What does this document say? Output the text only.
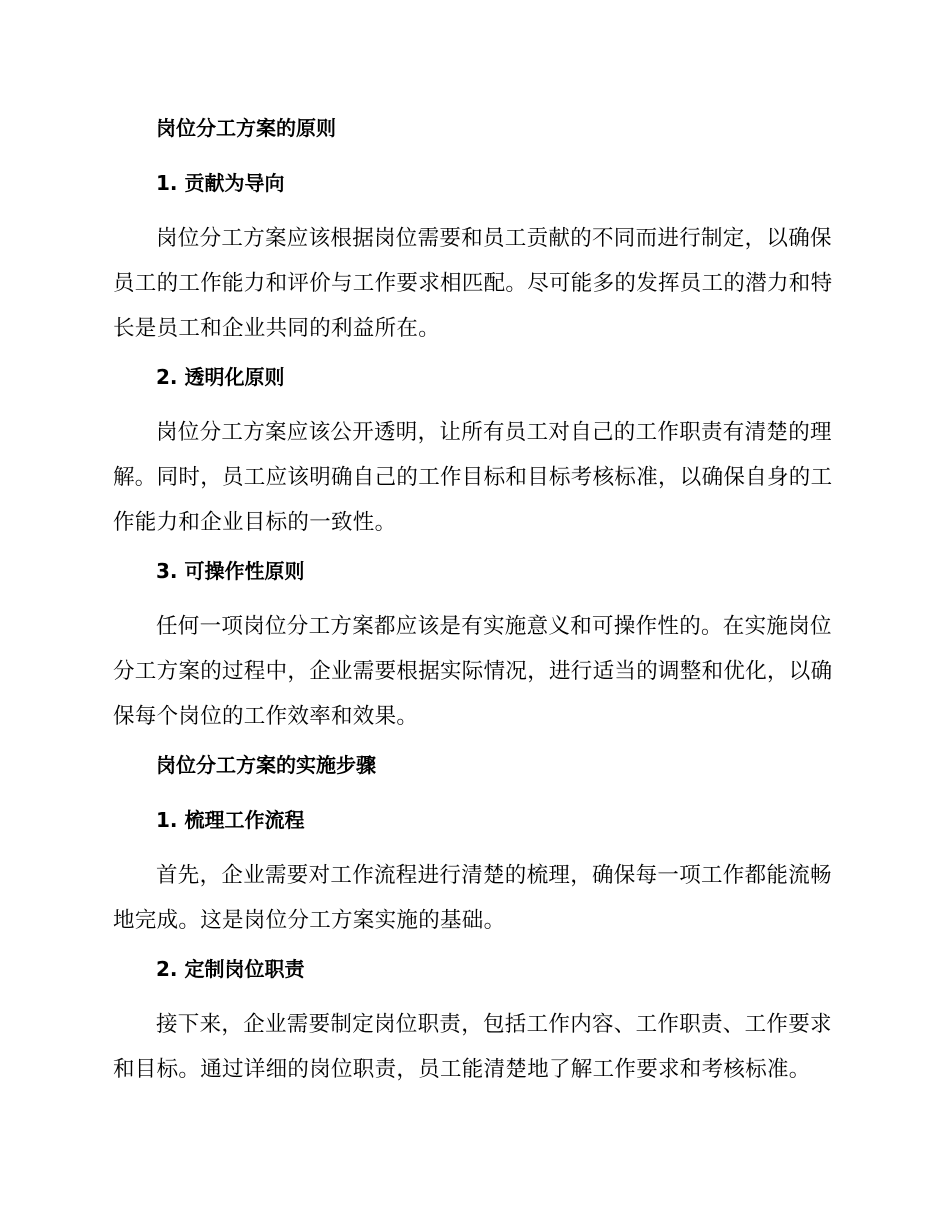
岗位分工方案的原则
1. 贡献为导向
岗位分工方案应该根据岗位需要和员工贡献的不同而进行制定，以确保员工的工作能力和评价与工作要求相匹配。尽可能多的发挥员工的潜力和特长是员工和企业共同的利益所在。
2. 透明化原则
岗位分工方案应该公开透明，让所有员工对自己的工作职责有清楚的理解。同时，员工应该明确自己的工作目标和目标考核标准，以确保自身的工作能力和企业目标的一致性。
3. 可操作性原则
任何一项岗位分工方案都应该是有实施意义和可操作性的。在实施岗位分工方案的过程中，企业需要根据实际情况，进行适当的调整和优化，以确保每个岗位的工作效率和效果。
岗位分工方案的实施步骤
1. 梳理工作流程
首先，企业需要对工作流程进行清楚的梳理，确保每一项工作都能流畅地完成。这是岗位分工方案实施的基础。
2. 定制岗位职责
接下来，企业需要制定岗位职责，包括工作内容、工作职责、工作要求和目标。通过详细的岗位职责，员工能清楚地了解工作要求和考核标准。
